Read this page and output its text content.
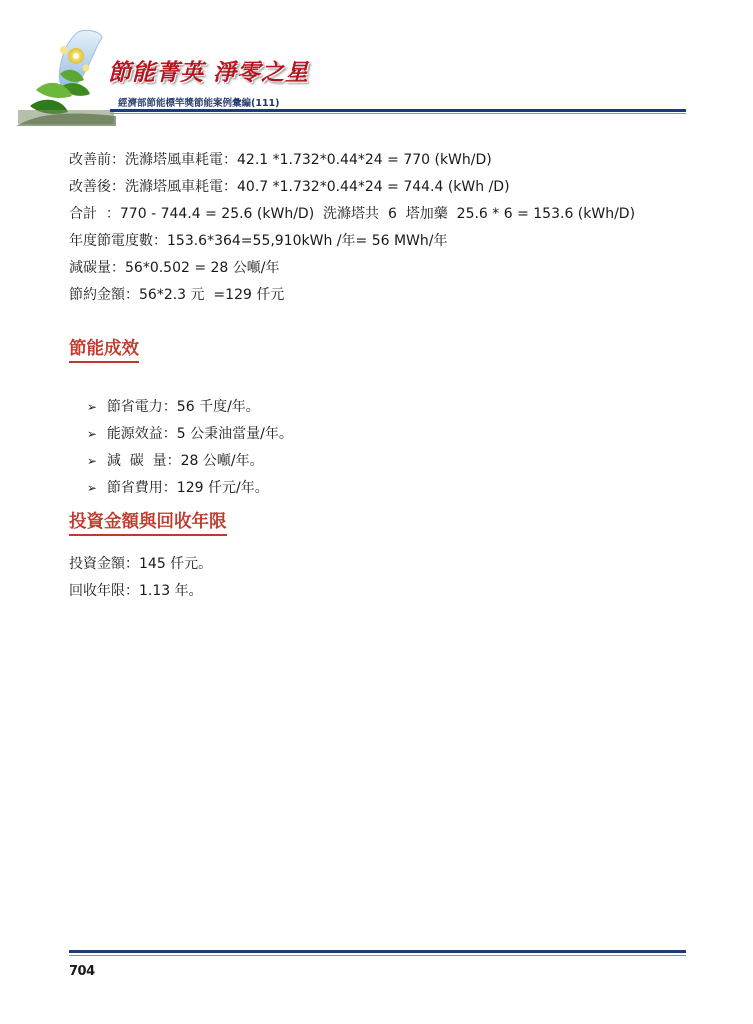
節能菁英 淨零之星
經濟部節能標竿獎節能案例彙編(111)
改善前：洗滌塔風車耗電：42.1 *1.732*0.44*24 = 770 (kWh/D)
改善後：洗滌塔風車耗電：40.7 *1.732*0.44*24 = 744.4 (kWh /D)
合計  ：770 - 744.4 = 25.6 (kWh/D)  洗滌塔共  6  塔加藥  25.6 * 6 = 153.6 (kWh/D)
年度節電度數：153.6*364=55,910kWh /年= 56 MWh/年
減碳量：56*0.502 = 28 公噸/年
節約金額：56*2.3 元  =129 仟元
節能成效

➢ 節省電力：56 千度/年。

➢ 能源效益：5 公秉油當量/年。

➢ 減  碳  量：28 公噸/年。

➢ 節省費用：129 仟元/年。

投資金額與回收年限
投資金額：145 仟元。
回收年限：1.13 年。
704
